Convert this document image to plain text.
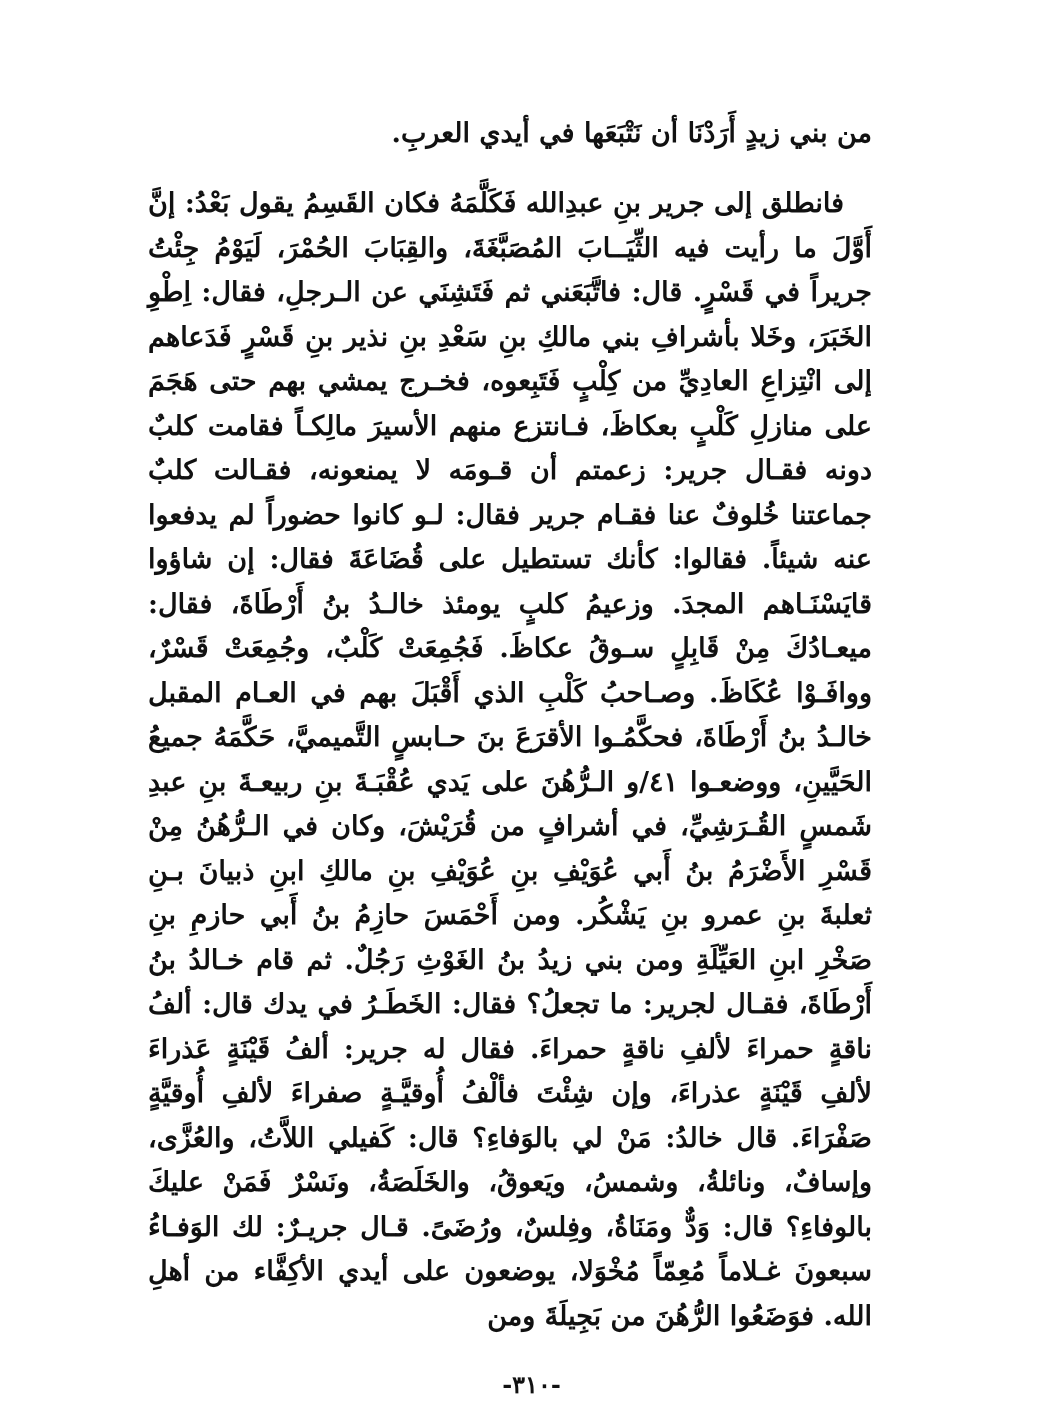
من بني زيدٍ أَرَدْنَا أن نَتْبَعَها في أيدي العربِ.

فانطلق إلى جرير بنِ عبدِالله فَكَلَّمَهُ فكان القَسِمُ يقول بَعْدُ: إنَّ أَوَّلَ ما رأيت فيه الثِّيَــابَ المُصَبَّغَةَ، والقِبَابَ الحُمْرَ، لَيَوْمُ جِئْتُ جريراً في قَسْرٍ. قال: فاتَّبَعَني ثم فَتَشِنَي عن الـرجلِ، فقال: اِطْوِ الخَبَرَ، وخَلا بأشرافِ بني مالكِ بنِ سَعْدِ بنِ نذير بنِ قَسْرٍ فَدَعاهم إلى انْتِزاعِ العادِيِّ من كِلْبٍ فَتَبِعوه، فخـرج يمشي بهم حتى هَجَمَ على منازلِ كَلْبٍ بعكاظَ، فـانتزع منهم الأسيرَ مالِكـاً فقامت كلبٌ دونه فقـال جرير: زعمتم أن قـومَه لا يمنعونه، فقـالت كلبٌ جماعتنا خُلوفٌ عنا فقـام جرير فقال: لـو كانوا حضوراً لم يدفعوا عنه شيئاً. فقالوا: كأنك تستطيل على قُضَاعَةَ فقال: إن شاؤوا قايَسْنَـاهم المجدَ. وزعيمُ كلبٍ يومئذ خالـدُ بنُ أَرْطَاةَ، فقال: ميعـادُكَ مِنْ قَابِلٍ سـوقُ عكاظَ. فَجُمِعَتْ كَلْبٌ، وجُمِعَتْ قَسْرٌ، ووافَـوْا عُكَاظَ. وصـاحبُ كَلْبِ الذي أَقْبَلَ بهم في العـام المقبل خالـدُ بنُ أَرْطَاةَ، فحكَّمُـوا الأقرَعَ بنَ حـابسٍ التَّميميَّ، حَكَّمَهُ جميعُ الحَيَّينِ، ووضعـوا ٤١/و الـرُّهُنَ على يَدي عُقْبَـةَ بنِ ربيعـةَ بنِ عبدِ شَمسٍ القُـرَشِيِّ، في أشرافٍ من قُرَيْشَ، وكان في الـرُّهُنُ مِنْ قَسْرِ الأَضْرَمُ بنُ أَبي عُوَيْفِ بنِ عُوَيْفِ بنِ مالكِ ابنِ ذبيانَ بـنِ ثعلبةَ بنِ عمرو بنِ يَشْكُر. ومن أَحْمَسَ حازِمُ بنُ أَبي حازمِ بنِ صَخْرِ ابنِ العَيِّلَةِ ومن بني زيدُ بنُ الغَوْثِ رَجُلٌ. ثم قام خـالدُ بنُ أَرْطَاةَ، فقـال لجرير: ما تجعلُ؟ فقال: الخَطَـرُ في يدك قال: ألفُ ناقةٍ حمراءَ لألفِ ناقةٍ حمراءَ. فقال له جرير: ألفُ قَيْنَةٍ عَذراءَ لألفِ قَيْنَةٍ عذراءَ، وإن شِئْتَ فألْفُ أُوقيَّـةٍ صفراءَ لألفِ أُوقيَّةٍ صَفْرَاءَ. قال خالدُ: مَنْ لي بالوَفاءِ؟ قال: كَفيلي اللاَّتُ، والعُزَّى، وإسافٌ، ونائلةُ، وشمسُ، ويَعوقُ، والخَلَصَةُ، ونَسْرٌ فَمَنْ عليكَ بالوفاءِ؟ قال: وَدٌّ ومَنَاةُ، وفِلسٌ، ورُضَىً. قـال جريـرٌ: لك الوَفـاءُ سبعونَ غـلاماً مُعِمّاً مُخْوَلا، يوضعون على أيدي الأكِفَّاء من أهلِ الله. فوَضَعُوا الرُّهُنَ من بَجِيلَةَ ومن

-٣١٠-
